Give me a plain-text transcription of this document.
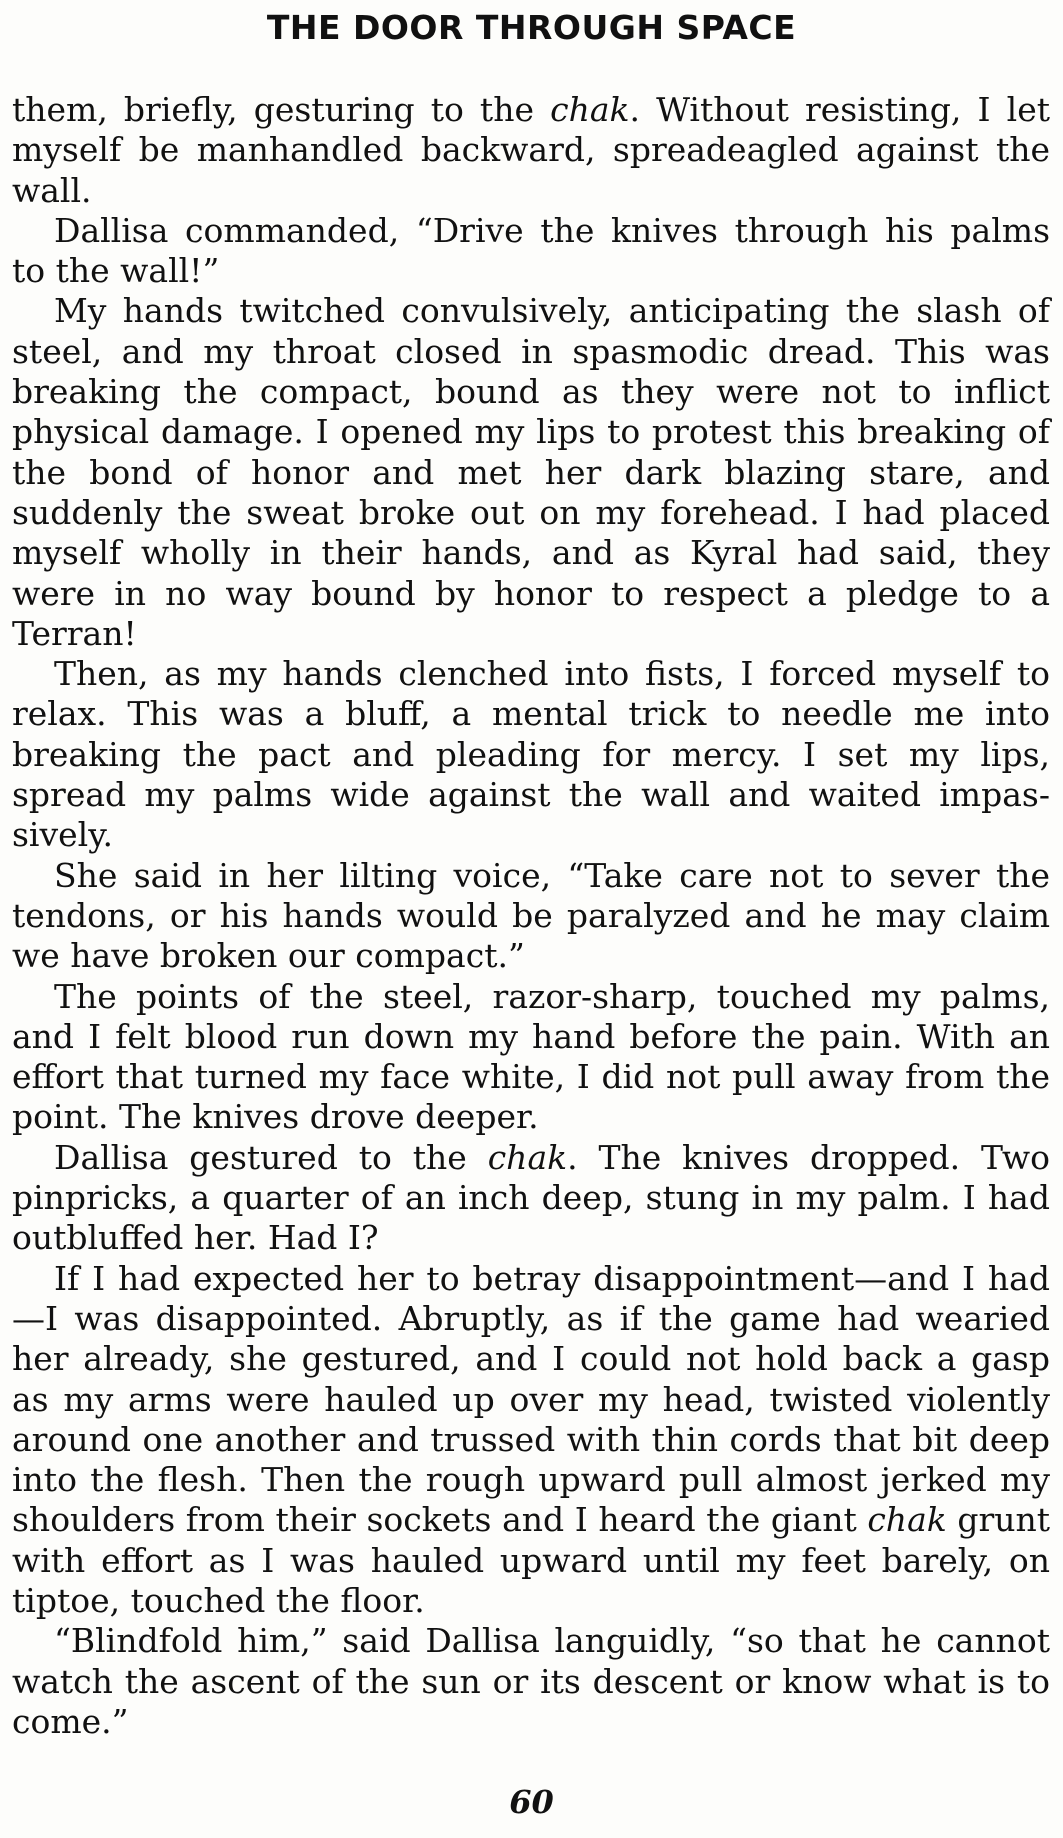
THE DOOR THROUGH SPACE

them, briefly, gesturing to the chak. Without resisting, I let myself be manhandled backward, spreadeagled against the wall.

Dallisa commanded, “Drive the knives through his palms to the wall!”

My hands twitched convulsively, anticipating the slash of steel, and my throat closed in spasmodic dread. This was breaking the compact, bound as they were not to inflict physical damage. I opened my lips to protest this breaking of the bond of honor and met her dark blazing stare, and suddenly the sweat broke out on my forehead. I had placed myself wholly in their hands, and as Kyral had said, they were in no way bound by honor to respect a pledge to a Terran!

Then, as my hands clenched into fists, I forced myself to relax. This was a bluff, a mental trick to needle me into breaking the pact and pleading for mercy. I set my lips, spread my palms wide against the wall and waited impassively.

She said in her lilting voice, “Take care not to sever the tendons, or his hands would be paralyzed and he may claim we have broken our compact.”

The points of the steel, razor-sharp, touched my palms, and I felt blood run down my hand before the pain. With an effort that turned my face white, I did not pull away from the point. The knives drove deeper.

Dallisa gestured to the chak. The knives dropped. Two pinpricks, a quarter of an inch deep, stung in my palm. I had outbluffed her. Had I?

If I had expected her to betray disappointment—and I had—I was disappointed. Abruptly, as if the game had wearied her already, she gestured, and I could not hold back a gasp as my arms were hauled up over my head, twisted violently around one another and trussed with thin cords that bit deep into the flesh. Then the rough upward pull almost jerked my shoulders from their sockets and I heard the giant chak grunt with effort as I was hauled upward until my feet barely, on tiptoe, touched the floor.

“Blindfold him,” said Dallisa languidly, “so that he cannot watch the ascent of the sun or its descent or know what is to come.”

60
